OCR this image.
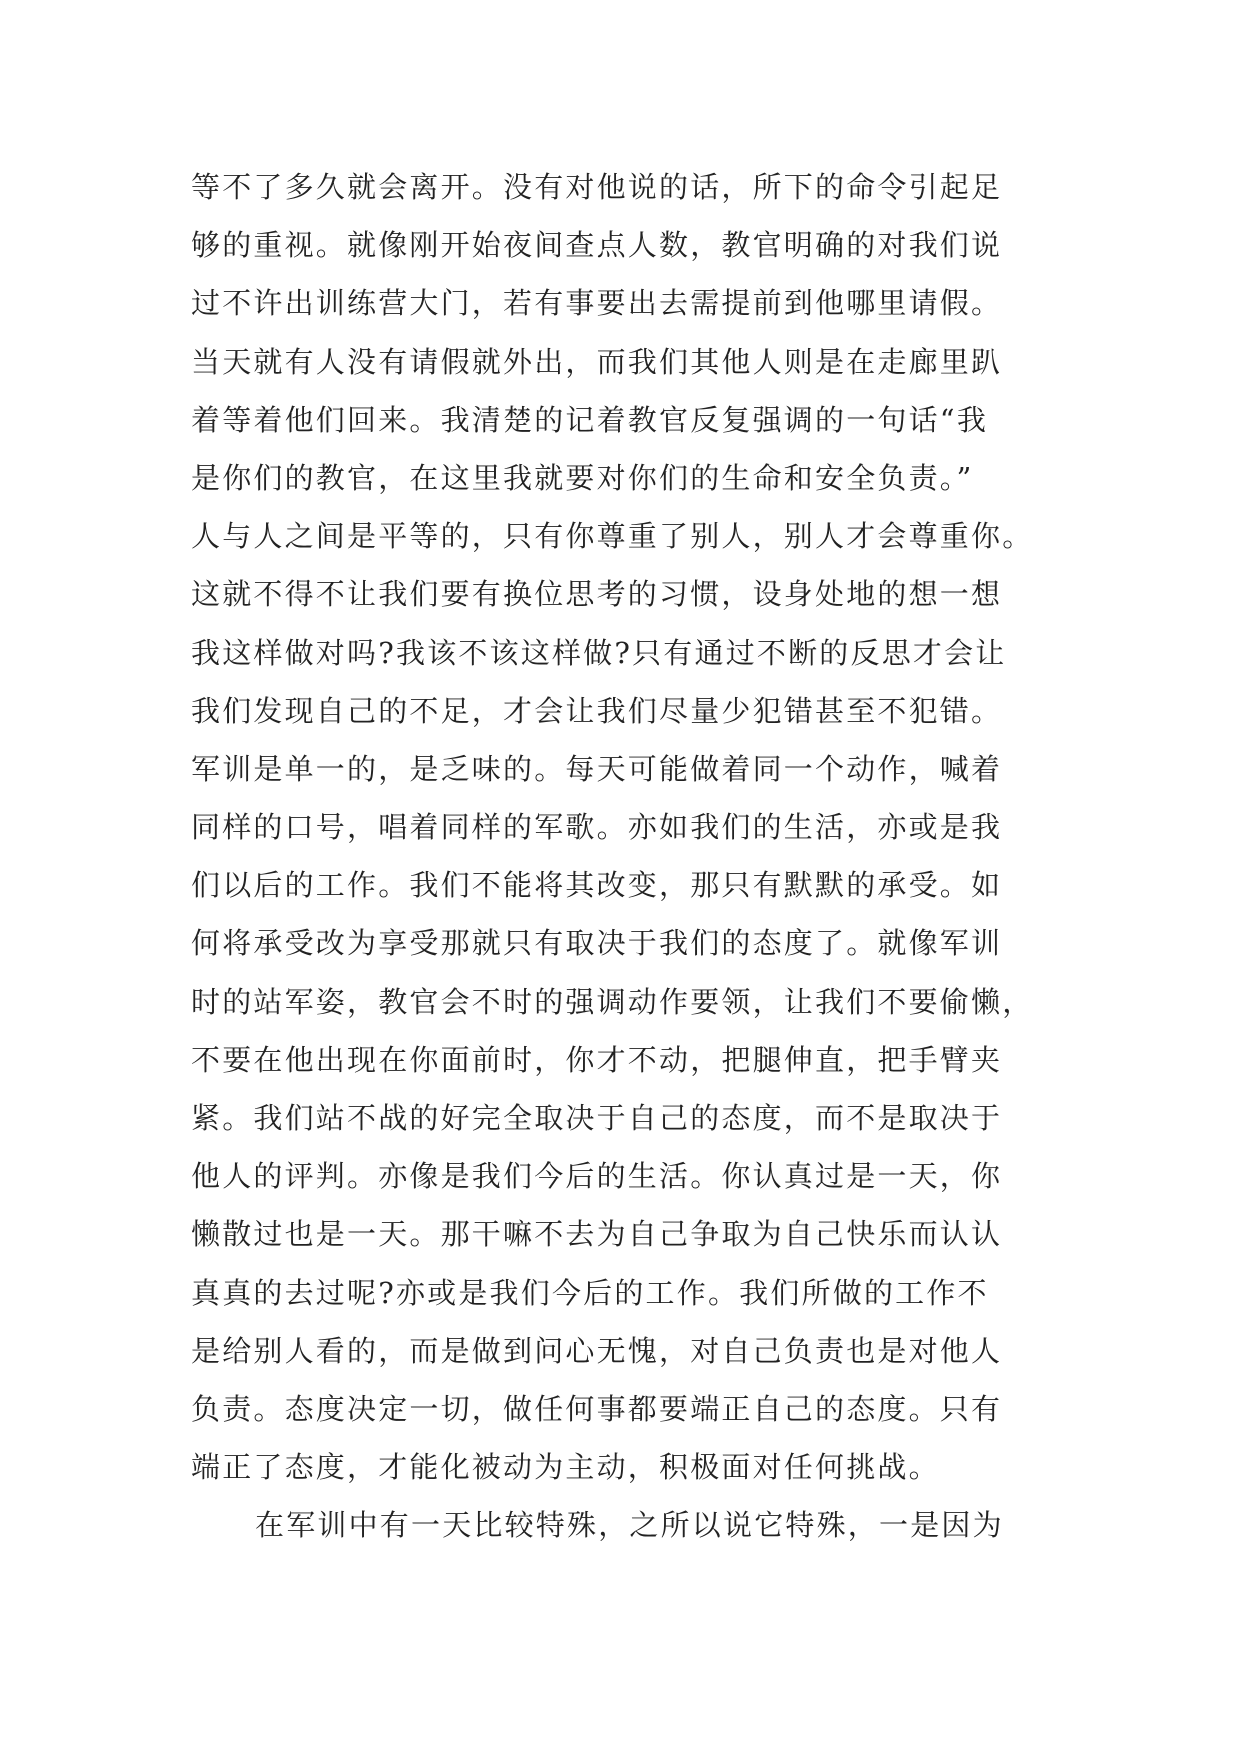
等不了多久就会离开。没有对他说的话，所下的命令引起足
够的重视。就像刚开始夜间查点人数，教官明确的对我们说
过不许出训练营大门，若有事要出去需提前到他哪里请假。
当天就有人没有请假就外出，而我们其他人则是在走廊里趴
着等着他们回来。我清楚的记着教官反复强调的一句话“我
是你们的教官，在这里我就要对你们的生命和安全负责。”
人与人之间是平等的，只有你尊重了别人，别人才会尊重你。
这就不得不让我们要有换位思考的习惯，设身处地的想一想
我这样做对吗?我该不该这样做?只有通过不断的反思才会让
我们发现自己的不足，才会让我们尽量少犯错甚至不犯错。
军训是单一的，是乏味的。每天可能做着同一个动作，喊着
同样的口号，唱着同样的军歌。亦如我们的生活，亦或是我
们以后的工作。我们不能将其改变，那只有默默的承受。如
何将承受改为享受那就只有取决于我们的态度了。就像军训
时的站军姿，教官会不时的强调动作要领，让我们不要偷懒，
不要在他出现在你面前时，你才不动，把腿伸直，把手臂夹
紧。我们站不战的好完全取决于自己的态度，而不是取决于
他人的评判。亦像是我们今后的生活。你认真过是一天，你
懒散过也是一天。那干嘛不去为自己争取为自己快乐而认认
真真的去过呢?亦或是我们今后的工作。我们所做的工作不
是给别人看的，而是做到问心无愧，对自己负责也是对他人
负责。态度决定一切，做任何事都要端正自己的态度。只有
端正了态度，才能化被动为主动，积极面对任何挑战。
在军训中有一天比较特殊，之所以说它特殊，一是因为
